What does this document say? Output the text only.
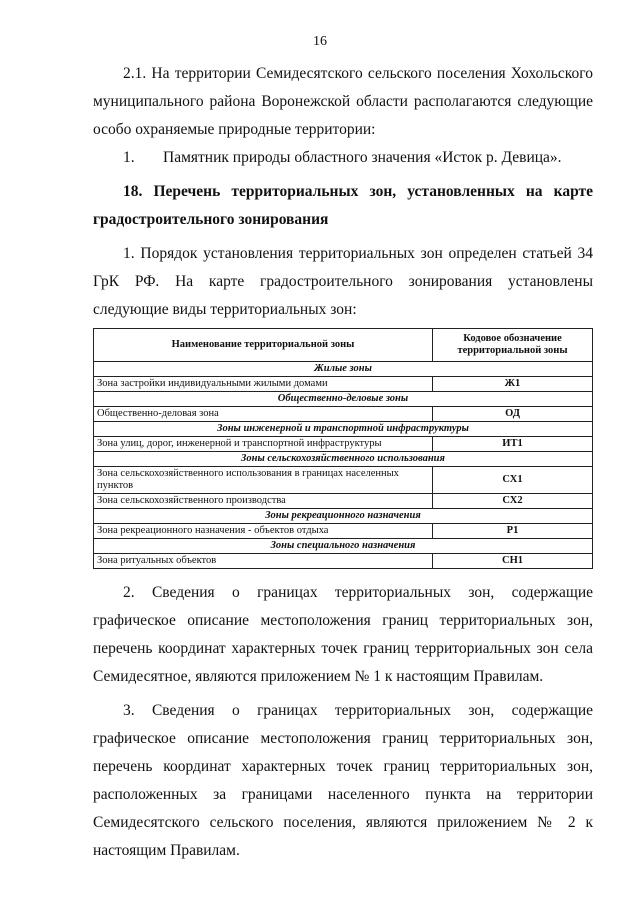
16

2.1. На территории Семидесятского сельского поселения Хохольского муниципального района Воронежской области располагаются следующие особо охраняемые природные территории:

1.	Памятник природы областного значения «Исток р. Девица».

18. Перечень территориальных зон, установленных на карте градостроительного зонирования

1. Порядок установления территориальных зон определен статьей 34 ГрК РФ. На карте градостроительного зонирования установлены следующие виды территориальных зон:

Наименование территориальной зоны	Кодовое обозначение территориальной зоны
Жилые зоны	
Зона застройки индивидуальными жилыми домами	Ж1
Общественно-деловые зоны	
Общественно-деловая зона	ОД
Зоны инженерной и транспортной инфраструктуры	
Зона улиц, дорог, инженерной и транспортной инфраструктуры	ИТ1
Зоны сельскохозяйственного использования	
Зона сельскохозяйственного использования в границах населенных пунктов	СХ1
Зона сельскохозяйственного производства	СХ2
Зоны рекреационного назначения	
Зона рекреационного назначения - объектов отдыха	Р1
Зоны специального назначения	
Зона ритуальных объектов	СН1

2. Сведения о границах территориальных зон, содержащие графическое описание местоположения границ территориальных зон, перечень координат характерных точек границ территориальных зон села Семидесятное, являются приложением № 1 к настоящим Правилам.

3. Сведения о границах территориальных зон, содержащие графическое описание местоположения границ территориальных зон, перечень координат характерных точек границ территориальных зон, расположенных за границами населенного пункта на территории Семидесятского сельского поселения, являются приложением № 2 к настоящим Правилам.
